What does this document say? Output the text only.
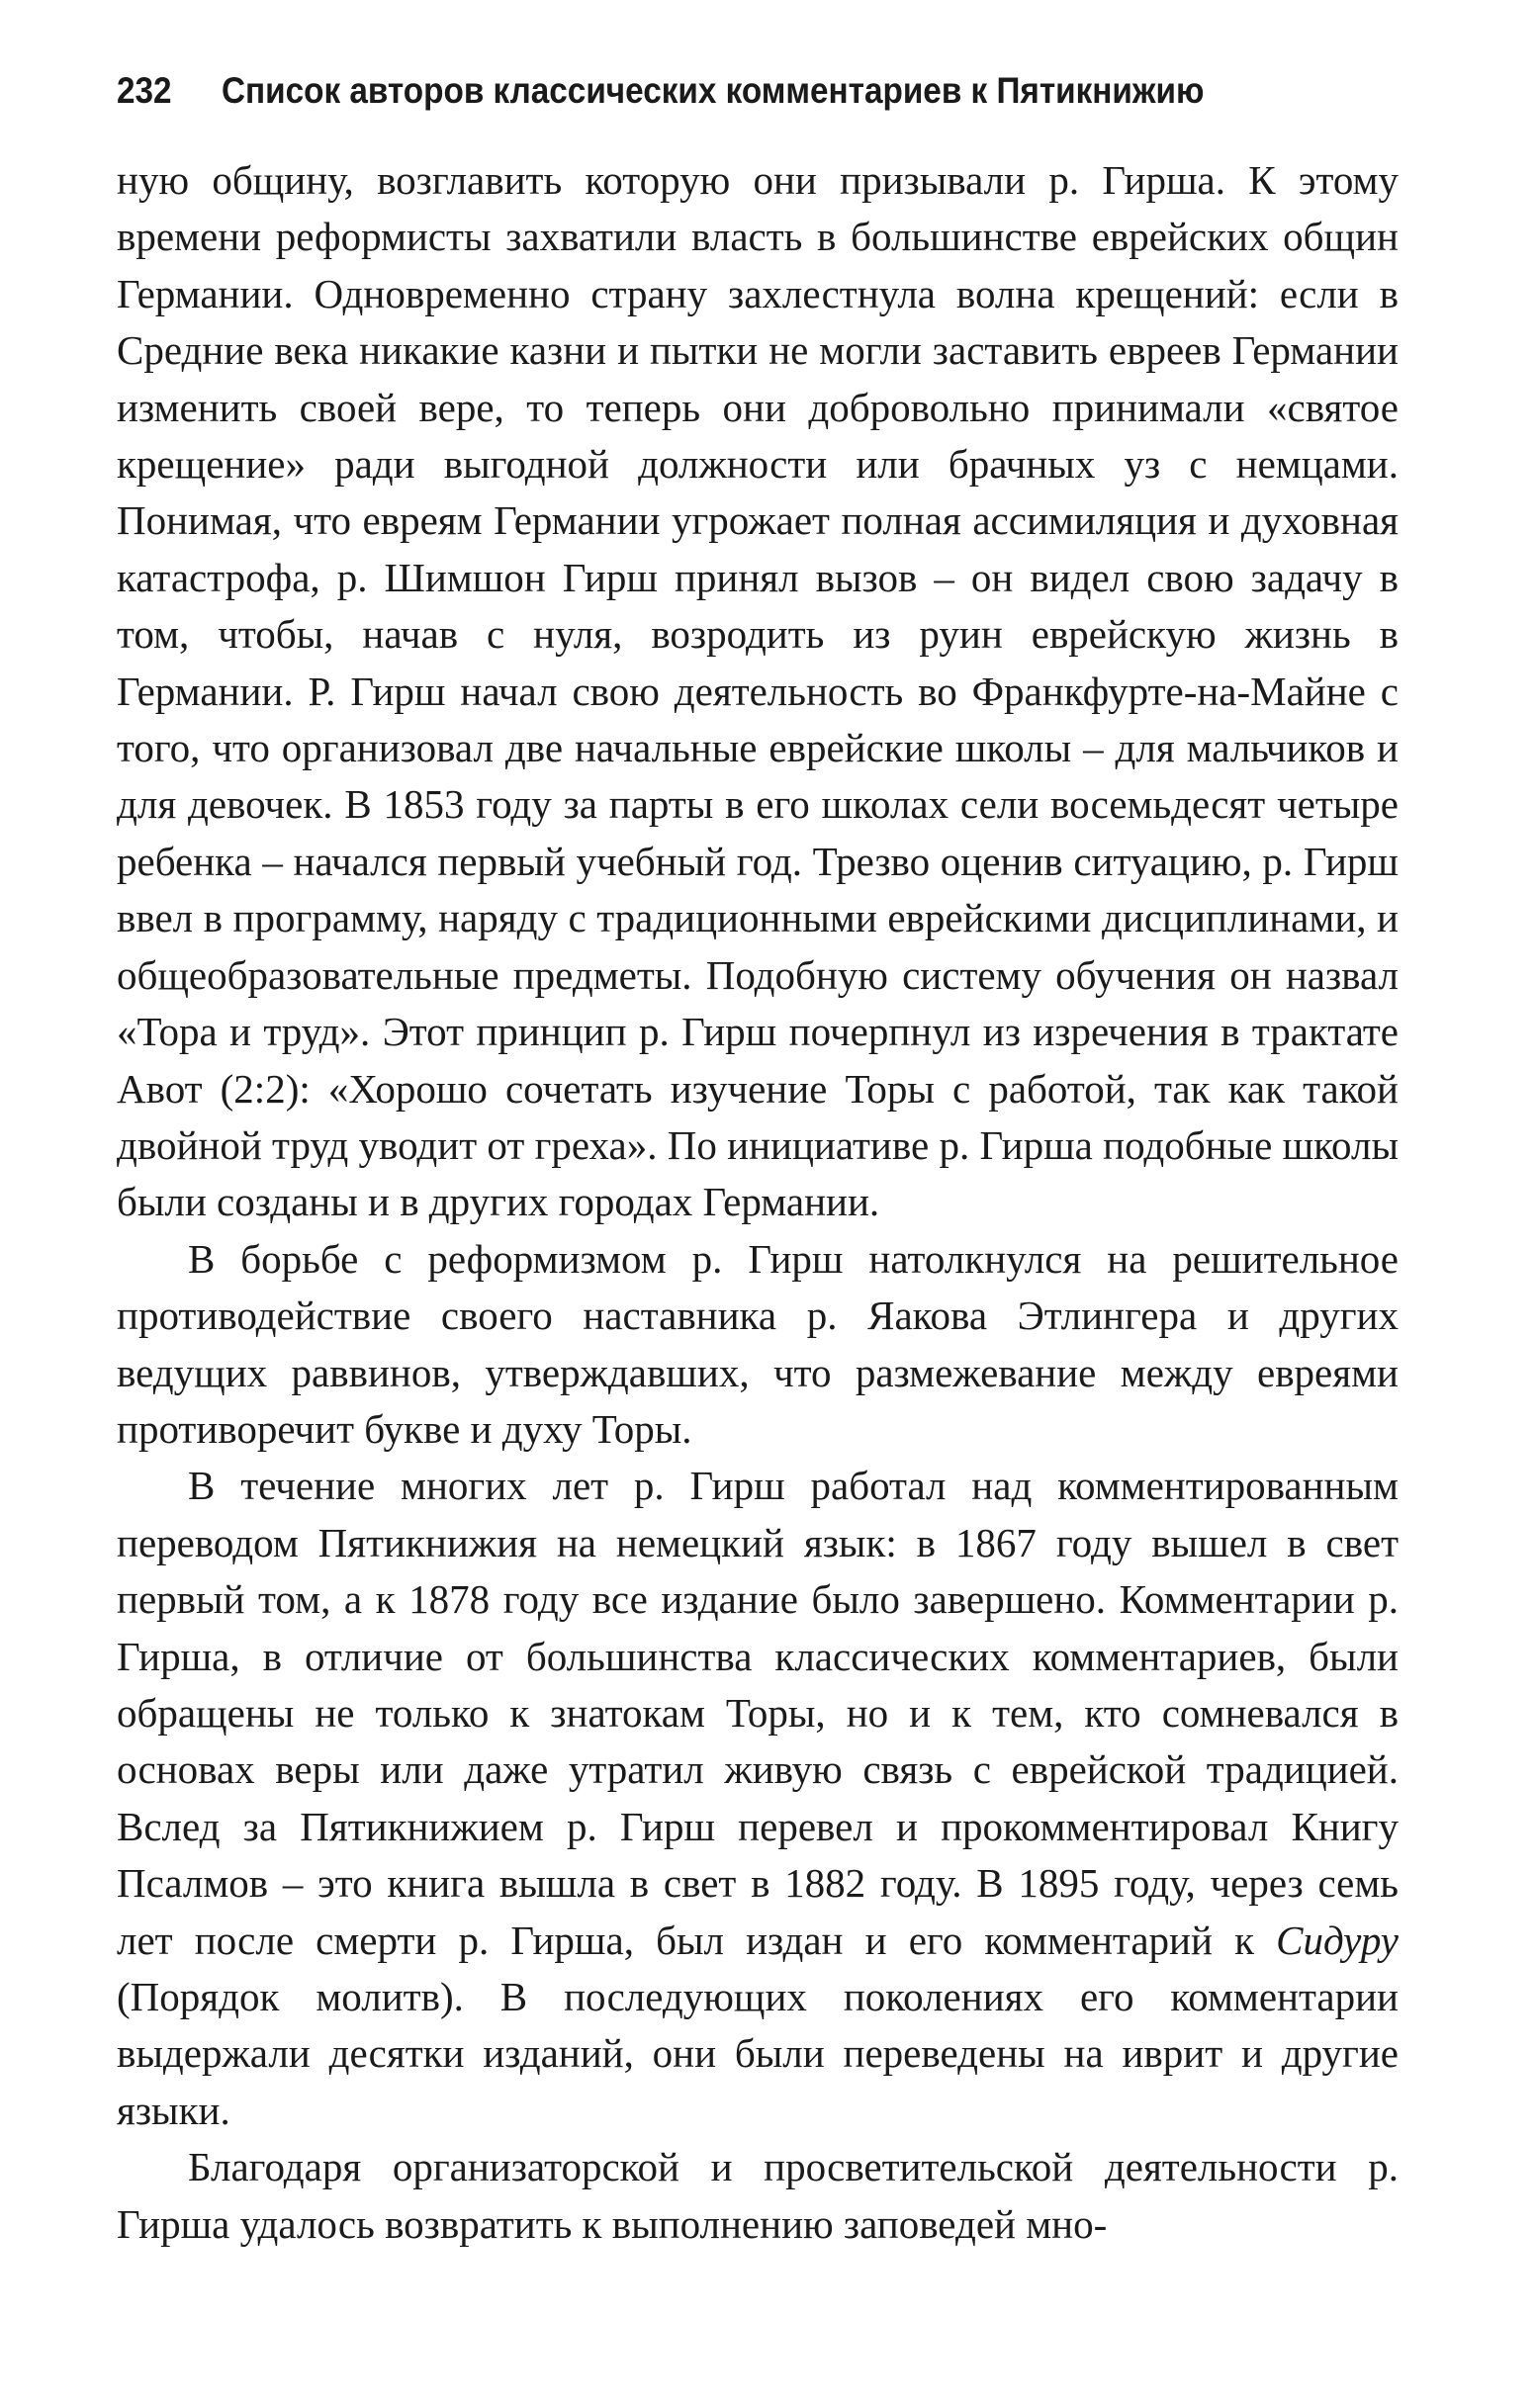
232 Список авторов классических комментариев к Пятикнижию

ную общину, возглавить которую они призывали р. Гирша. К этому времени реформисты захватили власть в большинстве еврейских общин Германии. Одновременно страну захлестнула волна крещений: если в Средние века никакие казни и пытки не могли заставить евреев Германии изменить своей вере, то теперь они добровольно принимали «святое крещение» ради выгодной должности или брачных уз с немцами. Понимая, что евреям Германии угрожает полная ассимиляция и духовная катастрофа, р. Шимшон Гирш принял вызов – он видел свою задачу в том, чтобы, начав с нуля, возродить из руин еврейскую жизнь в Германии. Р. Гирш начал свою деятельность во Франкфурте-на-Майне с того, что организовал две начальные еврейские школы – для мальчиков и для девочек. В 1853 году за парты в его школах сели восемьдесят четыре ребенка – начался первый учебный год. Трезво оценив ситуацию, р. Гирш ввел в программу, наряду с традиционными еврейскими дисциплинами, и общеобразовательные предметы. Подобную систему обучения он назвал «Тора и труд». Этот принцип р. Гирш почерпнул из изречения в трактате Авот (2:2): «Хорошо сочетать изучение Торы с работой, так как такой двойной труд уводит от греха». По инициативе р. Гирша подобные школы были созданы и в других городах Германии.

В борьбе с реформизмом р. Гирш натолкнулся на решительное противодействие своего наставника р. Яакова Этлингера и других ведущих раввинов, утверждавших, что размежевание между евреями противоречит букве и духу Торы.

В течение многих лет р. Гирш работал над комментированным переводом Пятикнижия на немецкий язык: в 1867 году вышел в свет первый том, а к 1878 году все издание было завершено. Комментарии р. Гирша, в отличие от большинства классических комментариев, были обращены не только к знатокам Торы, но и к тем, кто сомневался в основах веры или даже утратил живую связь с еврейской традицией. Вслед за Пятикнижием р. Гирш перевел и прокомментировал Книгу Псалмов – это книга вышла в свет в 1882 году. В 1895 году, через семь лет после смерти р. Гирша, был издан и его комментарий к Сидуру (Порядок молитв). В последующих поколениях его комментарии выдержали десятки изданий, они были переведены на иврит и другие языки.

Благодаря организаторской и просветительской деятельности р. Гирша удалось возвратить к выполнению заповедей мно-
